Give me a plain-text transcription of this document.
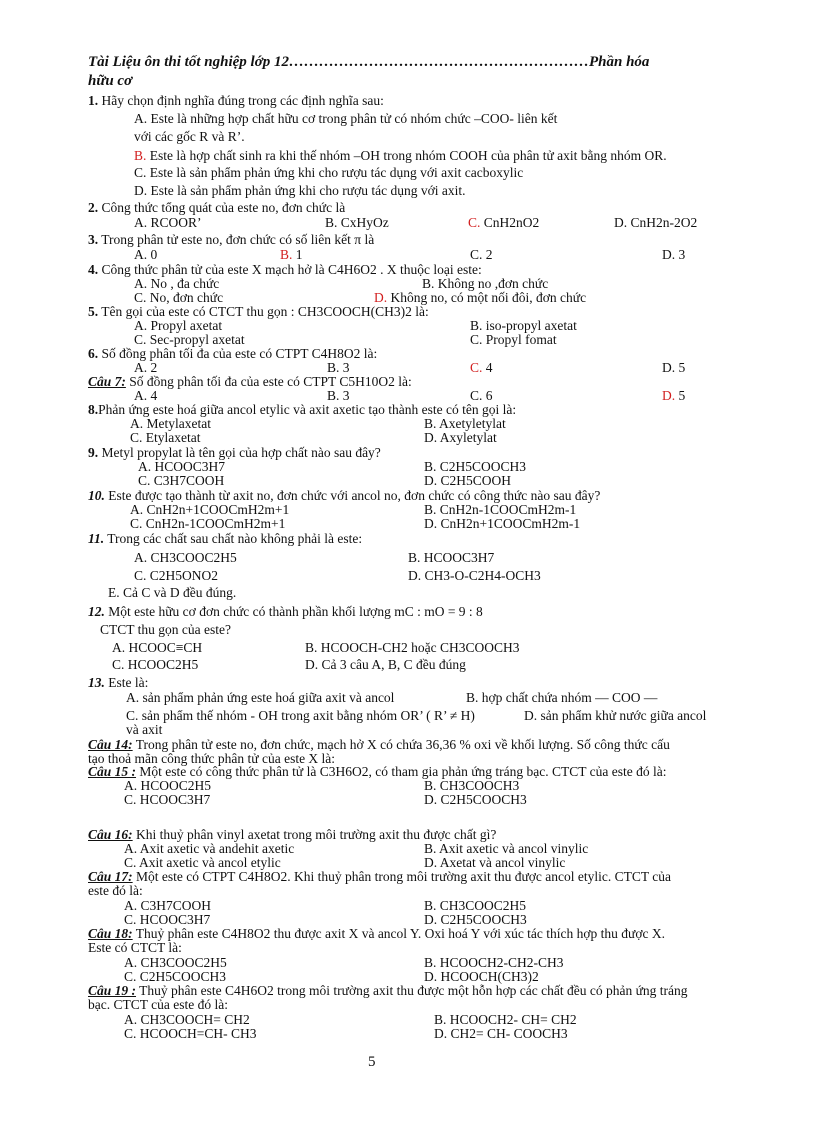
Tài Liệu ôn thi tốt nghiệp lớp 12……………………………………………………Phần hóa
hữu cơ
1. Hãy chọn định nghĩa đúng trong các định nghĩa sau:
A. Este là những hợp chất hữu cơ trong phân tử có nhóm chức –COO- liên kết
với các gốc R và R’.
B. Este là hợp chất sinh ra khi thế nhóm –OH trong nhóm COOH của phân tử axit bằng nhóm OR.
C. Este là sản phẩm phản ứng khi cho rượu tác dụng với axit cacboxylic
D. Este là sản phẩm phản ứng khi cho rượu tác dụng với axit.
2. Công thức tổng quát của este no, đơn chức là
A. RCOOR’	B. CxHyOz	C. CnH2nO2	D. CnH2n-2O2
3. Trong phân tử este no, đơn chức có số liên kết π là
A. 0	B. 1	C. 2	D. 3
4. Công thức phân tử của este X mạch hở là C4H6O2 . X thuộc loại este:
A. No , đa chức	B. Không no ,đơn chức
C. No, đơn chức	D. Không no, có một nối đôi, đơn chức
5. Tên gọi của este có CTCT thu gọn : CH3COOCH(CH3)2 là:
A. Propyl axetat	B. iso-propyl axetat
C. Sec-propyl axetat	C. Propyl fomat
6. Số đồng phân tối đa của este có CTPT C4H8O2 là:
A. 2	B. 3	C. 4	D. 5
Câu 7: Số đồng phân tối đa của este có CTPT C5H10O2 là:
A. 4	B. 3	C. 6	D. 5
8.Phản ứng este hoá giữa ancol etylic và axit axetic tạo thành este có tên gọi là:
A. Metylaxetat	B. Axetyletylat
C. Etylaxetat	D. Axyletylat
9. Metyl propylat là tên gọi của hợp chất nào sau đây?
A. HCOOC3H7	B. C2H5COOCH3
C. C3H7COOH	D. C2H5COOH
10. Este được tạo thành từ axit no, đơn chức với ancol no, đơn chức có công thức nào sau đây?
A. CnH2n+1COOCmH2m+1	B. CnH2n-1COOCmH2m-1
C. CnH2n-1COOCmH2m+1	D. CnH2n+1COOCmH2m-1
11. Trong các chất sau chất nào không phải là este:
A. CH3COOC2H5	B. HCOOC3H7
C. C2H5ONO2	D. CH3-O-C2H4-OCH3
E. Cả C và D đều đúng.
12. Một este hữu cơ đơn chức có thành phần khối lượng mC : mO = 9 : 8
CTCT thu gọn của este?
A. HCOOC≡CH	B. HCOOCH-CH2 hoặc CH3COOCH3
C. HCOOC2H5	D. Cả 3 câu A, B, C đều đúng
13. Este là:
A. sản phẩm phản ứng este hoá giữa axit và ancol	B. hợp chất chứa nhóm — COO —
C. sản phẩm thế nhóm - OH trong axit bằng nhóm OR’ ( R’ ≠ H)	D. sản phẩm khử nước giữa ancol
và axit
Câu 14: Trong phân tử este no, đơn chức, mạch hở X có chứa 36,36 % oxi về khối lượng. Số công thức cấu
tạo thoả mãn công thức phân tử của este X là:
Câu 15 : Một este có công thức phân tử là C3H6O2, có tham gia phản ứng tráng bạc. CTCT của este đó là:
A. HCOOC2H5	B. CH3COOCH3
C. HCOOC3H7	D. C2H5COOCH3
Câu 16: Khi thuỷ phân vinyl axetat trong môi trường axit thu được chất gì?
A. Axit axetic và andehit axetic	B. Axit axetic và ancol vinylic
C. Axit axetic và ancol etylic	D. Axetat và ancol vinylic
Câu 17: Một este có CTPT C4H8O2. Khi thuỷ phân trong môi trường axit thu được ancol etylic. CTCT của
este đó là:
A. C3H7COOH	B. CH3COOC2H5
C. HCOOC3H7	D. C2H5COOCH3
Câu 18: Thuỷ phân este C4H8O2 thu được axit X và ancol Y. Oxi hoá Y với xúc tác thích hợp thu được X.
Este có CTCT là:
A. CH3COOC2H5	B. HCOOCH2-CH2-CH3
C. C2H5COOCH3	D. HCOOCH(CH3)2
Câu 19 : Thuỷ phân este C4H6O2 trong môi trường axit thu được một hỗn hợp các chất đều có phản ứng tráng
bạc. CTCT của este đó là:
A. CH3COOCH= CH2	B. HCOOCH2- CH= CH2
C. HCOOCH=CH- CH3	D. CH2= CH- COOCH3
5
